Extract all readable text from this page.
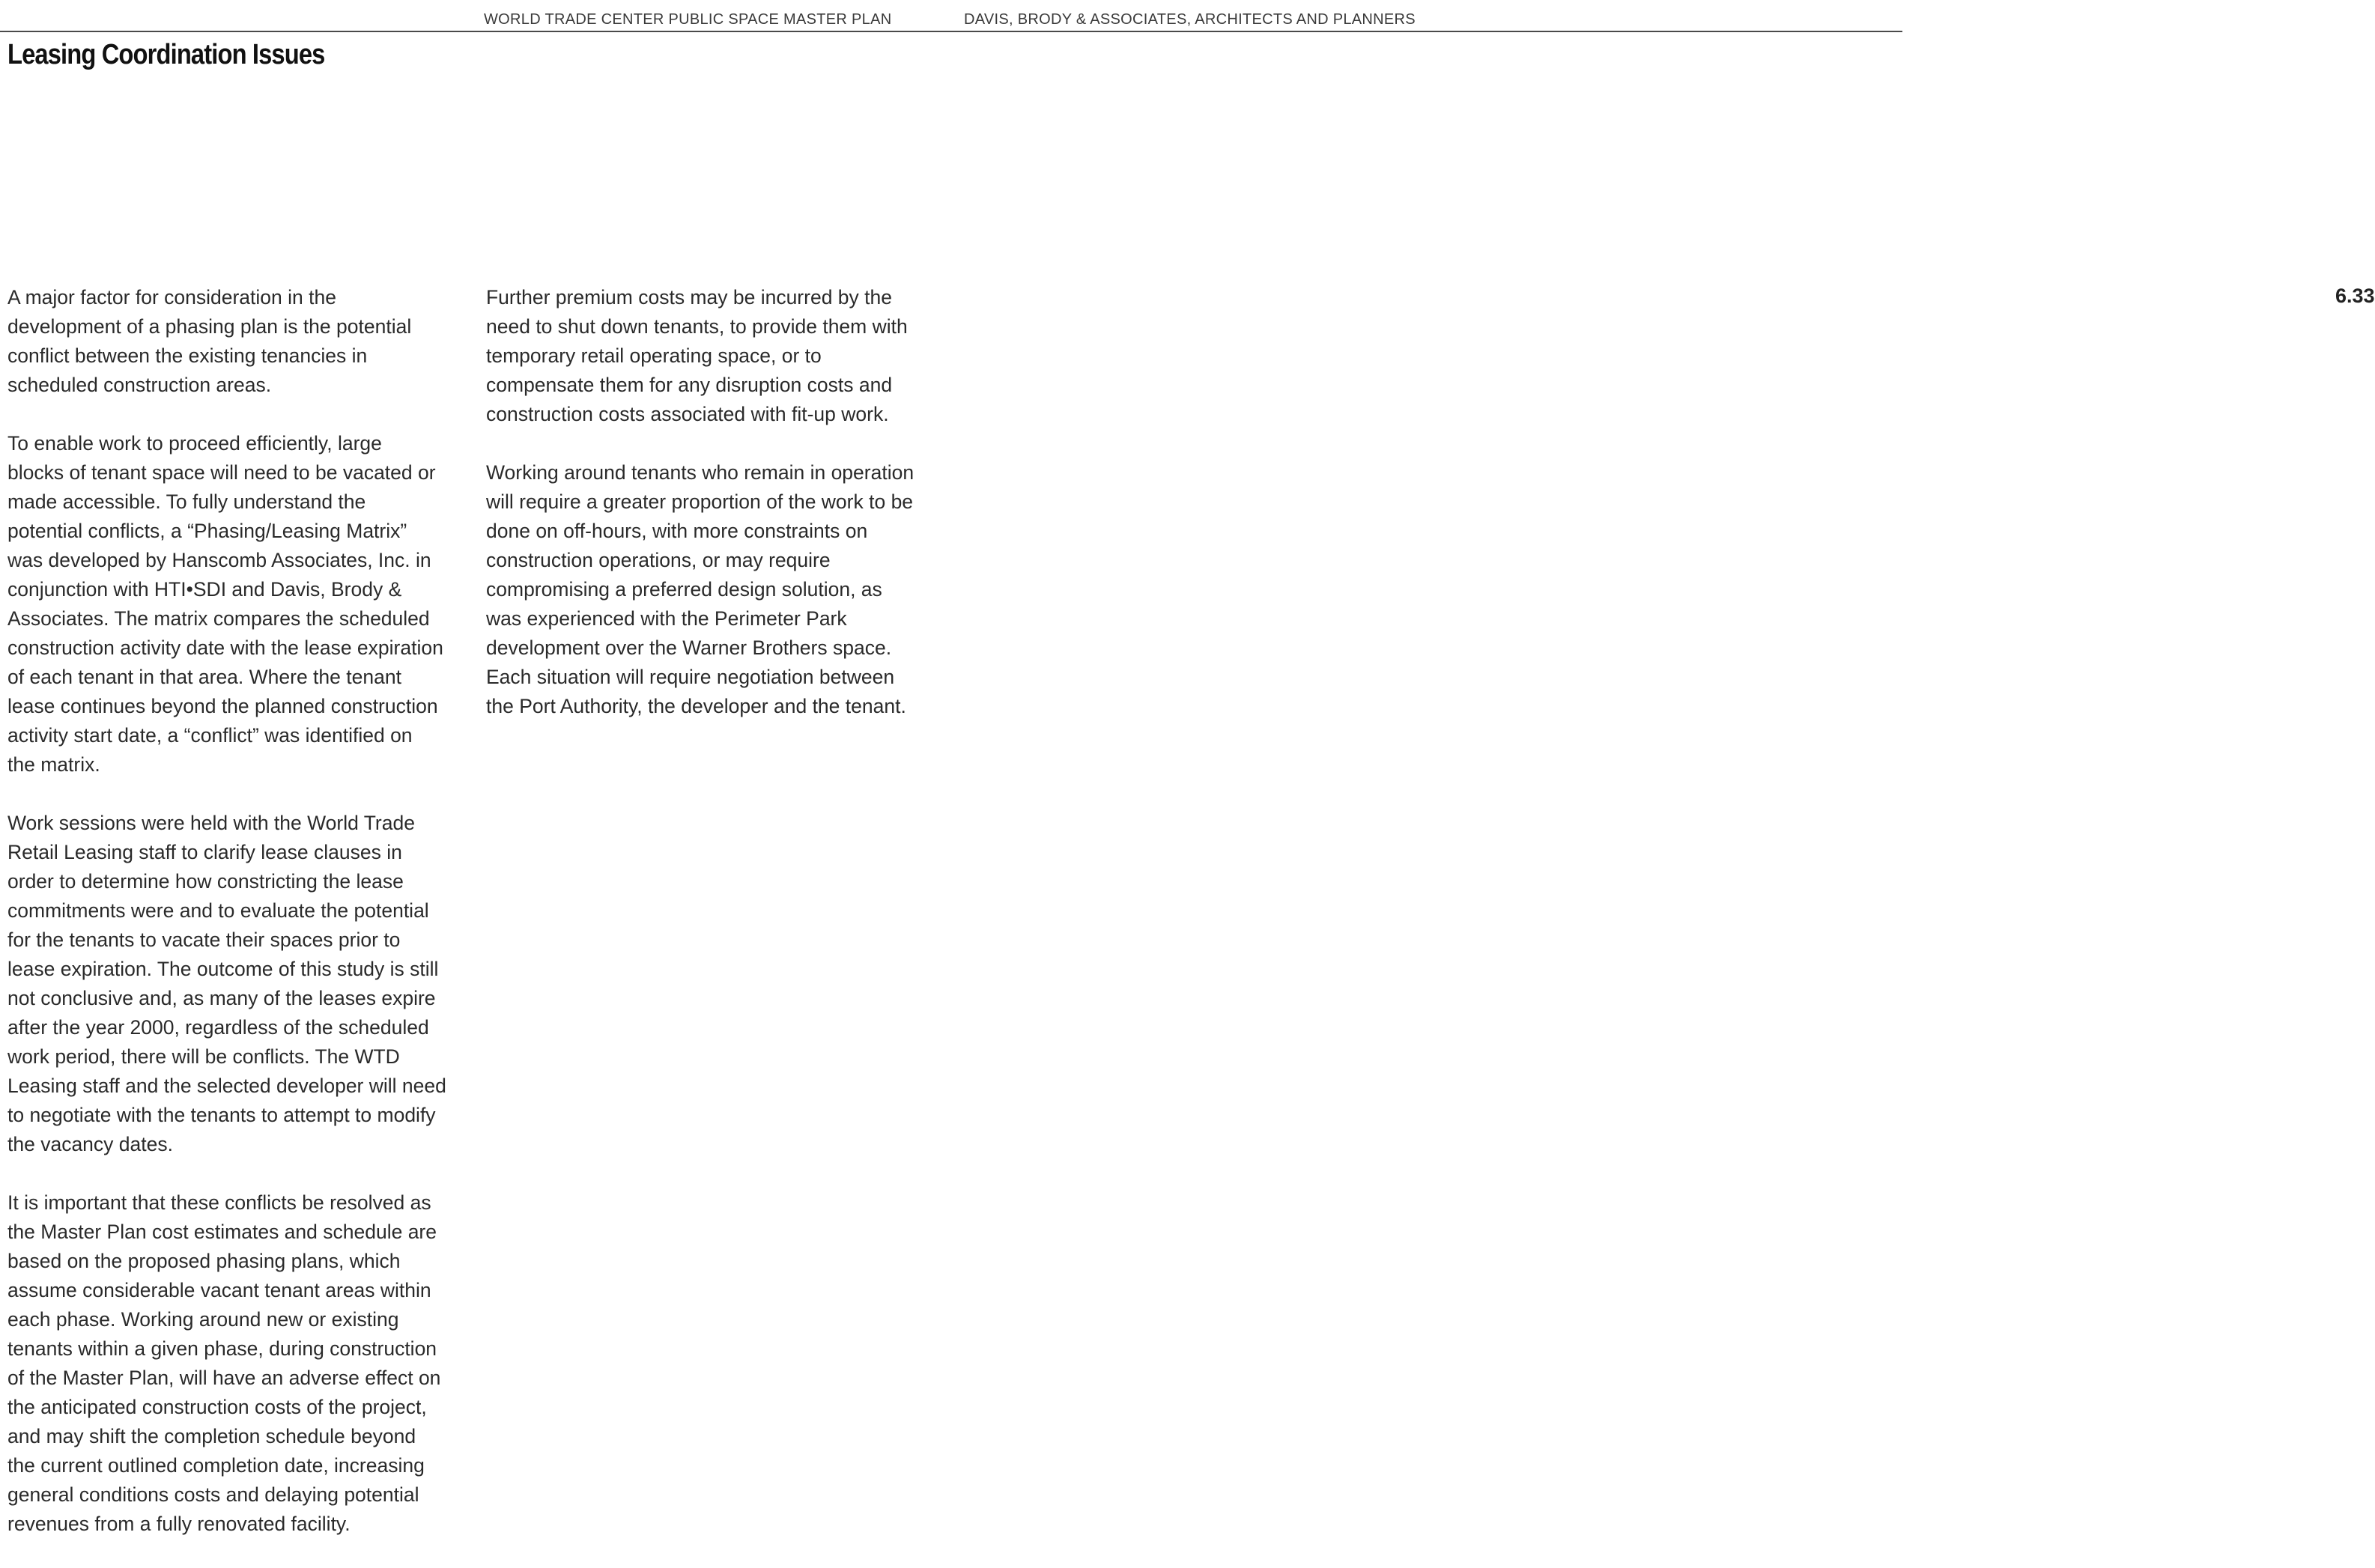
WORLD TRADE CENTER PUBLIC SPACE MASTER PLAN	DAVIS, BRODY & ASSOCIATES, ARCHITECTS AND PLANNERS
Leasing Coordination Issues
6.33

A major factor for consideration in the
development of a phasing plan is the potential
conflict between the existing tenancies in
scheduled construction areas.

To enable work to proceed efficiently, large
blocks of tenant space will need to be vacated or
made accessible. To fully understand the
potential conflicts, a “Phasing/Leasing Matrix”
was developed by Hanscomb Associates, Inc. in
conjunction with HTI•SDI and Davis, Brody &
Associates. The matrix compares the scheduled
construction activity date with the lease expiration
of each tenant in that area. Where the tenant
lease continues beyond the planned construction
activity start date, a “conflict” was identified on
the matrix.

Work sessions were held with the World Trade
Retail Leasing staff to clarify lease clauses in
order to determine how constricting the lease
commitments were and to evaluate the potential
for the tenants to vacate their spaces prior to
lease expiration. The outcome of this study is still
not conclusive and, as many of the leases expire
after the year 2000, regardless of the scheduled
work period, there will be conflicts. The WTD
Leasing staff and the selected developer will need
to negotiate with the tenants to attempt to modify
the vacancy dates.

It is important that these conflicts be resolved as
the Master Plan cost estimates and schedule are
based on the proposed phasing plans, which
assume considerable vacant tenant areas within
each phase. Working around new or existing
tenants within a given phase, during construction
of the Master Plan, will have an adverse effect on
the anticipated construction costs of the project,
and may shift the completion schedule beyond
the current outlined completion date, increasing
general conditions costs and delaying potential
revenues from a fully renovated facility.

Further premium costs may be incurred by the
need to shut down tenants, to provide them with
temporary retail operating space, or to
compensate them for any disruption costs and
construction costs associated with fit-up work.

Working around tenants who remain in operation
will require a greater proportion of the work to be
done on off-hours, with more constraints on
construction operations, or may require
compromising a preferred design solution, as
was experienced with the Perimeter Park
development over the Warner Brothers space.
Each situation will require negotiation between
the Port Authority, the developer and the tenant.
